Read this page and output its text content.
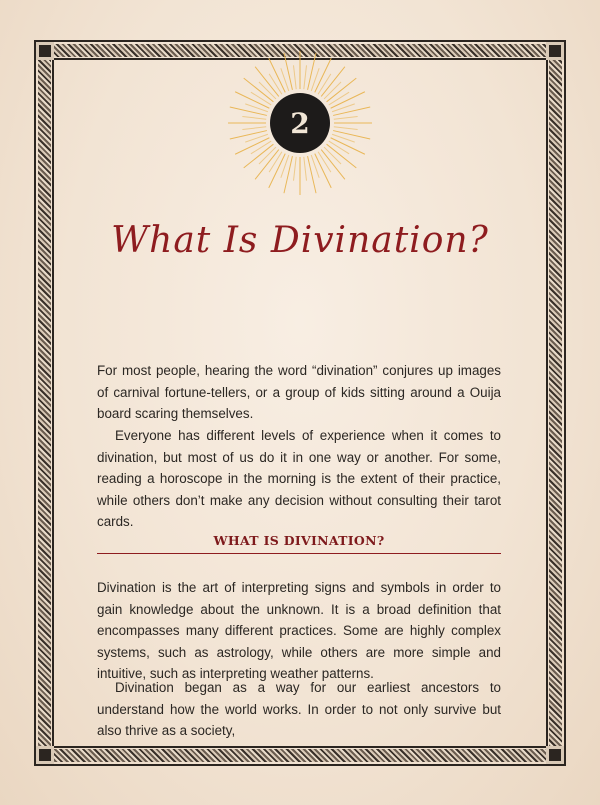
2
What Is Divination?

For most people, hearing the word “divination” conjures up images of carnival fortune-tellers, or a group of kids sitting around a Ouija board scaring themselves.

Everyone has different levels of experience when it comes to divination, but most of us do it in one way or another. For some, reading a horoscope in the morning is the extent of their practice, while others don’t make any decision without consulting their tarot cards.

WHAT IS DIVINATION?

Divination is the art of interpreting signs and symbols in order to gain knowledge about the unknown. It is a broad definition that encompasses many different practices. Some are highly complex systems, such as astrology, while others are more simple and intuitive, such as interpreting weather patterns.

Divination began as a way for our earliest ancestors to understand how the world works. In order to not only survive but also thrive as a society,
